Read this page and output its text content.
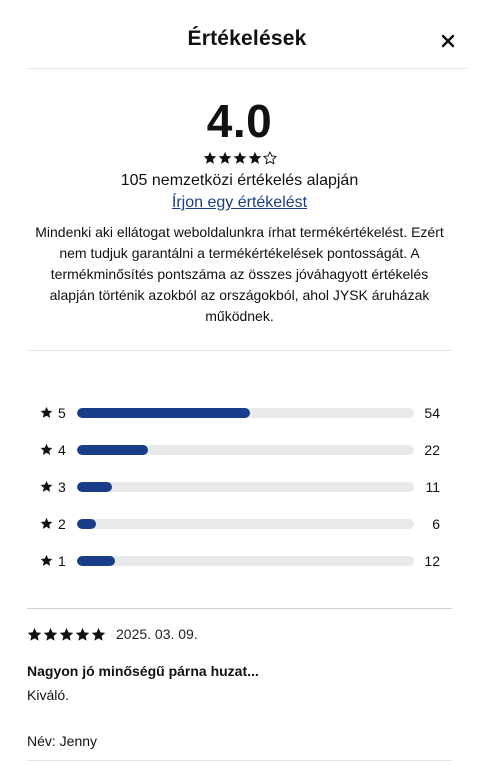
Értékelések
4.0
105 nemzetközi értékelés alapján
Írjon egy értékelést
Mindenki aki ellátogat weboldalunkra írhat termékértékelést. Ezért nem tudjuk garantálni a termékértékelések pontosságát. A termékminősítés pontszáma az összes jóváhagyott értékelés alapján történik azokból az országokból, ahol JYSK áruházak működnek.
5	54
4	22
3	11
2	6
1	12
2025. 03. 09.
Nagyon jó minőségű párna huzat...
Kiváló.
Név: Jenny
